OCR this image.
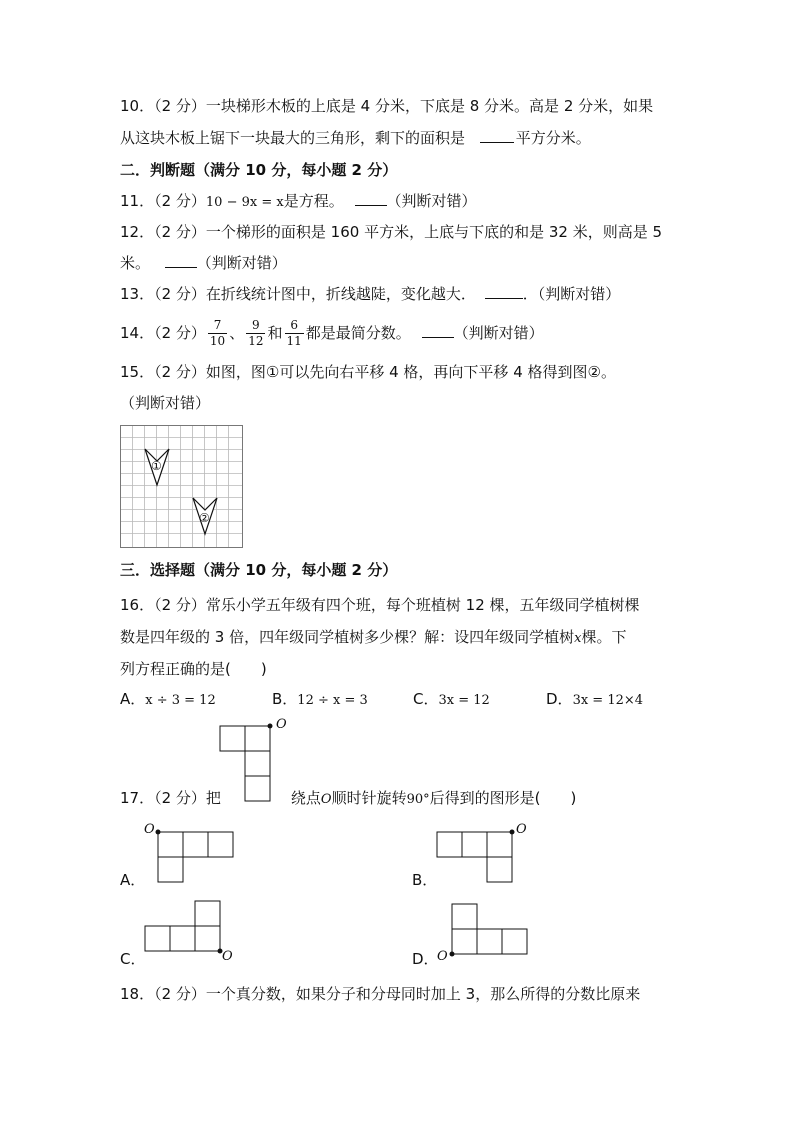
10．（2 分）一块梯形木板的上底是 4 分米，下底是 8 分米。高是 2 分米，如果
从这块木板上锯下一块最大的三角形，剩下的面积是	平方分米。
二．判断题（满分 10 分，每小题 2 分）
11．（2 分）10 − 9x = x是方程。	（判断对错）
12．（2 分）一个梯形的面积是 160 平方米，上底与下底的和是 32 米，则高是 5
米。	（判断对错）
13．（2 分）在折线统计图中，折线越陡，变化越大．	．（判断对错）
14．（2 分） $\frac{7}{10}$ 、 $\frac{9}{12}$ 和 $\frac{6}{11}$ 都是最简分数。	（判断对错）
15．（2 分）如图，图①可以先向右平移 4 格，再向下平移 4 格得到图②。
（判断对错）
①
②
三．选择题（满分 10 分，每小题 2 分）
16．（2 分）常乐小学五年级有四个班，每个班植树 12 棵，五年级同学植树棵
数是四年级的 3 倍，四年级同学植树多少棵？解：设四年级同学植树x棵。下
列方程正确的是(　　)
A．x ÷ 3 = 12	B．12 ÷ x = 3	C．3x = 12	D．3x = 12×4
O
17．（2 分）把	绕点O顺时针旋转90°后得到的图形是(　　)
O
A．
O
B．
O
C．	O
D．
18．（2 分）一个真分数，如果分子和分母同时加上 3，那么所得的分数比原来
